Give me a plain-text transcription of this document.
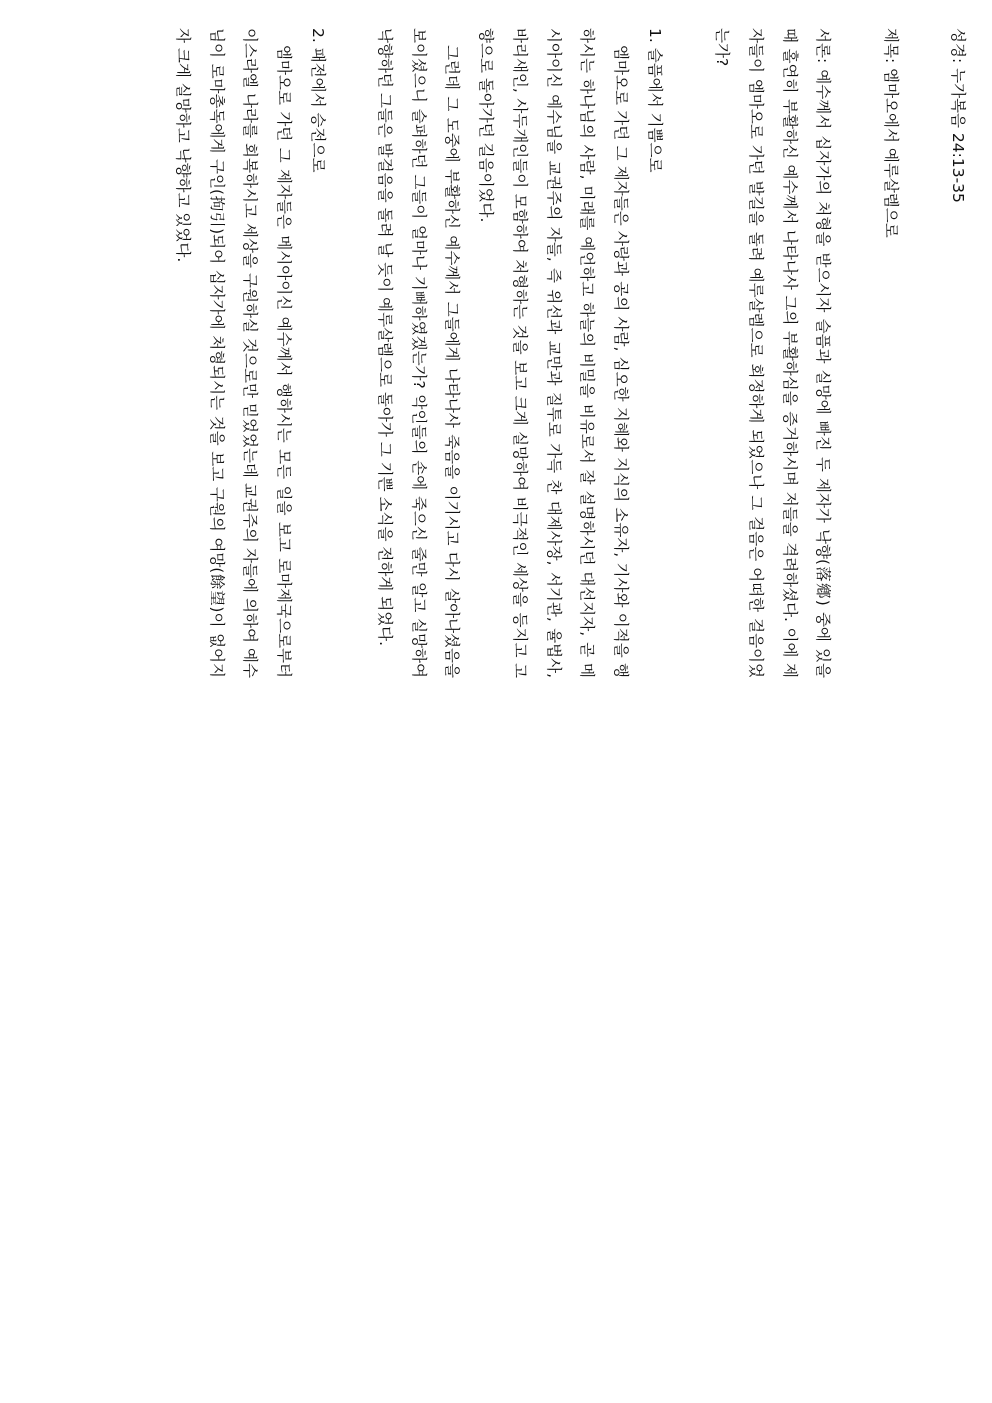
성경: 누가복음 24:13-35
제목: 엠마오에서 예루살렘으로

서론: 예수께서 십자가의 처형을 받으시자 슬픔과 실망에 빠진 두 제자가 낙향(落鄕) 중에 있을 때 홀연히 부활하신 예수께서 나타나사 그의 부활하심을 증거하시며 저들을 격려하셨다. 이에 제자들이 엠마오로 가던 발길을 돌려 예루살렘으로 회정하게 되었으나 그 걸음은 어떠한 걸음이었는가?

1. 슬픔에서 기쁨으로

엠마오로 가던 그 제자들은 사랑과 공의 사람, 심오한 지혜와 지식의 소유자, 기사와 이적을 행하시는 하나님의 사람, 미래를 예언하고 하늘의 비밀을 비유로서 잘 설명하시던 대선지자, 곧 메시아이신 예수님을 교권주의 자들, 즉 위선과 교만과 질투로 가득 찬 대제사장, 서기관, 율법사, 바리새인, 사두개인들이 모함하여 처형하는 것을 보고 크게 실망하여 비극적인 세상을 등지고 고향으로 돌아가던 길음이었다.

그런데 그 도중에 부활하신 예수께서 그들에게 나타나사 죽음을 이기시고 다시 살아나셨음을 보이셨으니 슬퍼하던 그들이 얼마나 기뻐하였겠는가? 악인들의 손에 죽으신 줄만 알고 실망하여 낙향하던 그들은 발걸음을 돌려 날 듯이 예루살렘으로 돌아가 그 기쁜 소식을 전하게 되었다.

2. 패전에서 승전으로

엠마오로 가던 그 제자들은 메시아이신 예수께서 행하시는 모든 일을 보고 로마제국으로부터 이스라엘 나라를 회복하시고 세상을 구원하실 것으로만 믿었었는데 교권주의 자들에 의하여 예수님이 로마총독에게 구인(拘引)되어 십자가에 처형되시는 것을 보고 구원의 여망(餘望)이 없어지자 크게 실망하고 낙향하고 있었다.
